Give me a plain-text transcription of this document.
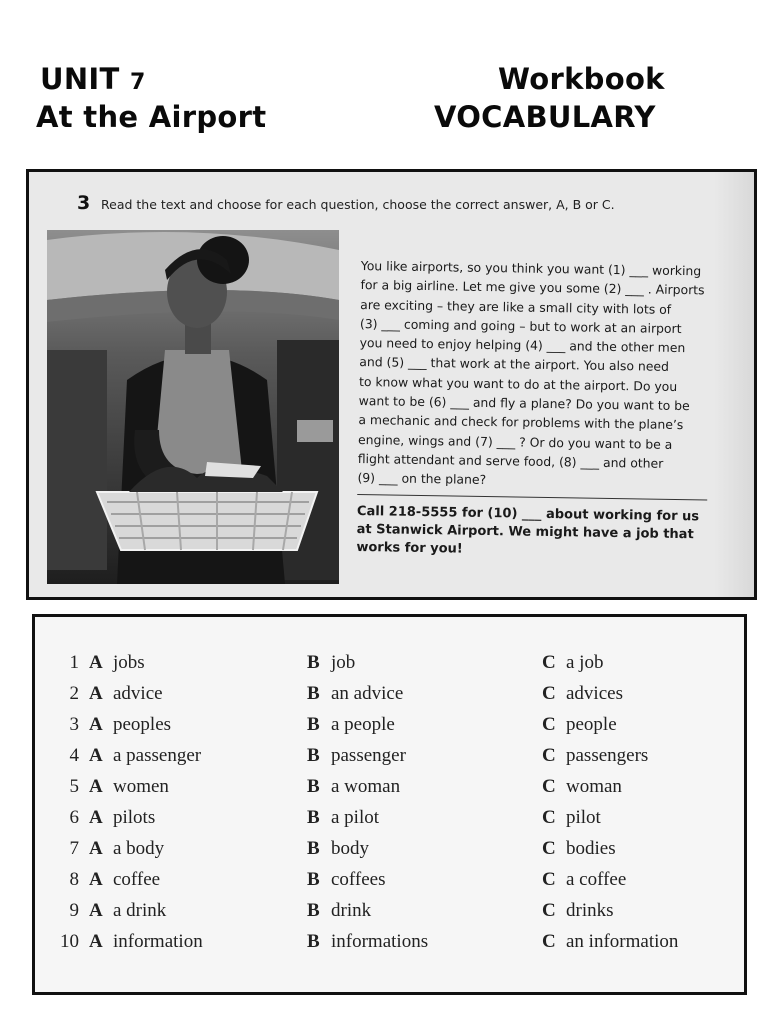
UNIT 7
At the Airport
Workbook
VOCABULARY
3 Read the text and choose for each question, choose the correct answer, A, B or C.
You like airports, so you think you want (1) ___ working
for a big airline. Let me give you some (2) ___ . Airports
are exciting – they are like a small city with lots of
(3) ___ coming and going – but to work at an airport
you need to enjoy helping (4) ___ and the other men
and (5) ___ that work at the airport. You also need
to know what you want to do at the airport. Do you
want to be (6) ___ and fly a plane? Do you want to be
a mechanic and check for problems with the plane’s
engine, wings and (7) ___ ? Or do you want to be a
flight attendant and serve food, (8) ___ and other
(9) ___ on the plane?
Call 218-5555 for (10) ___ about working for us
at Stanwick Airport. We might have a job that
works for you!
1 A jobs	B job	C a job
2 A advice	B an advice	C advices
3 A peoples	B a people	C people
4 A a passenger	B passenger	C passengers
5 A women	B a woman	C woman
6 A pilots	B a pilot	C pilot
7 A a body	B body	C bodies
8 A coffee	B coffees	C a coffee
9 A a drink	B drink	C drinks
10 A information	B informations	C an information
